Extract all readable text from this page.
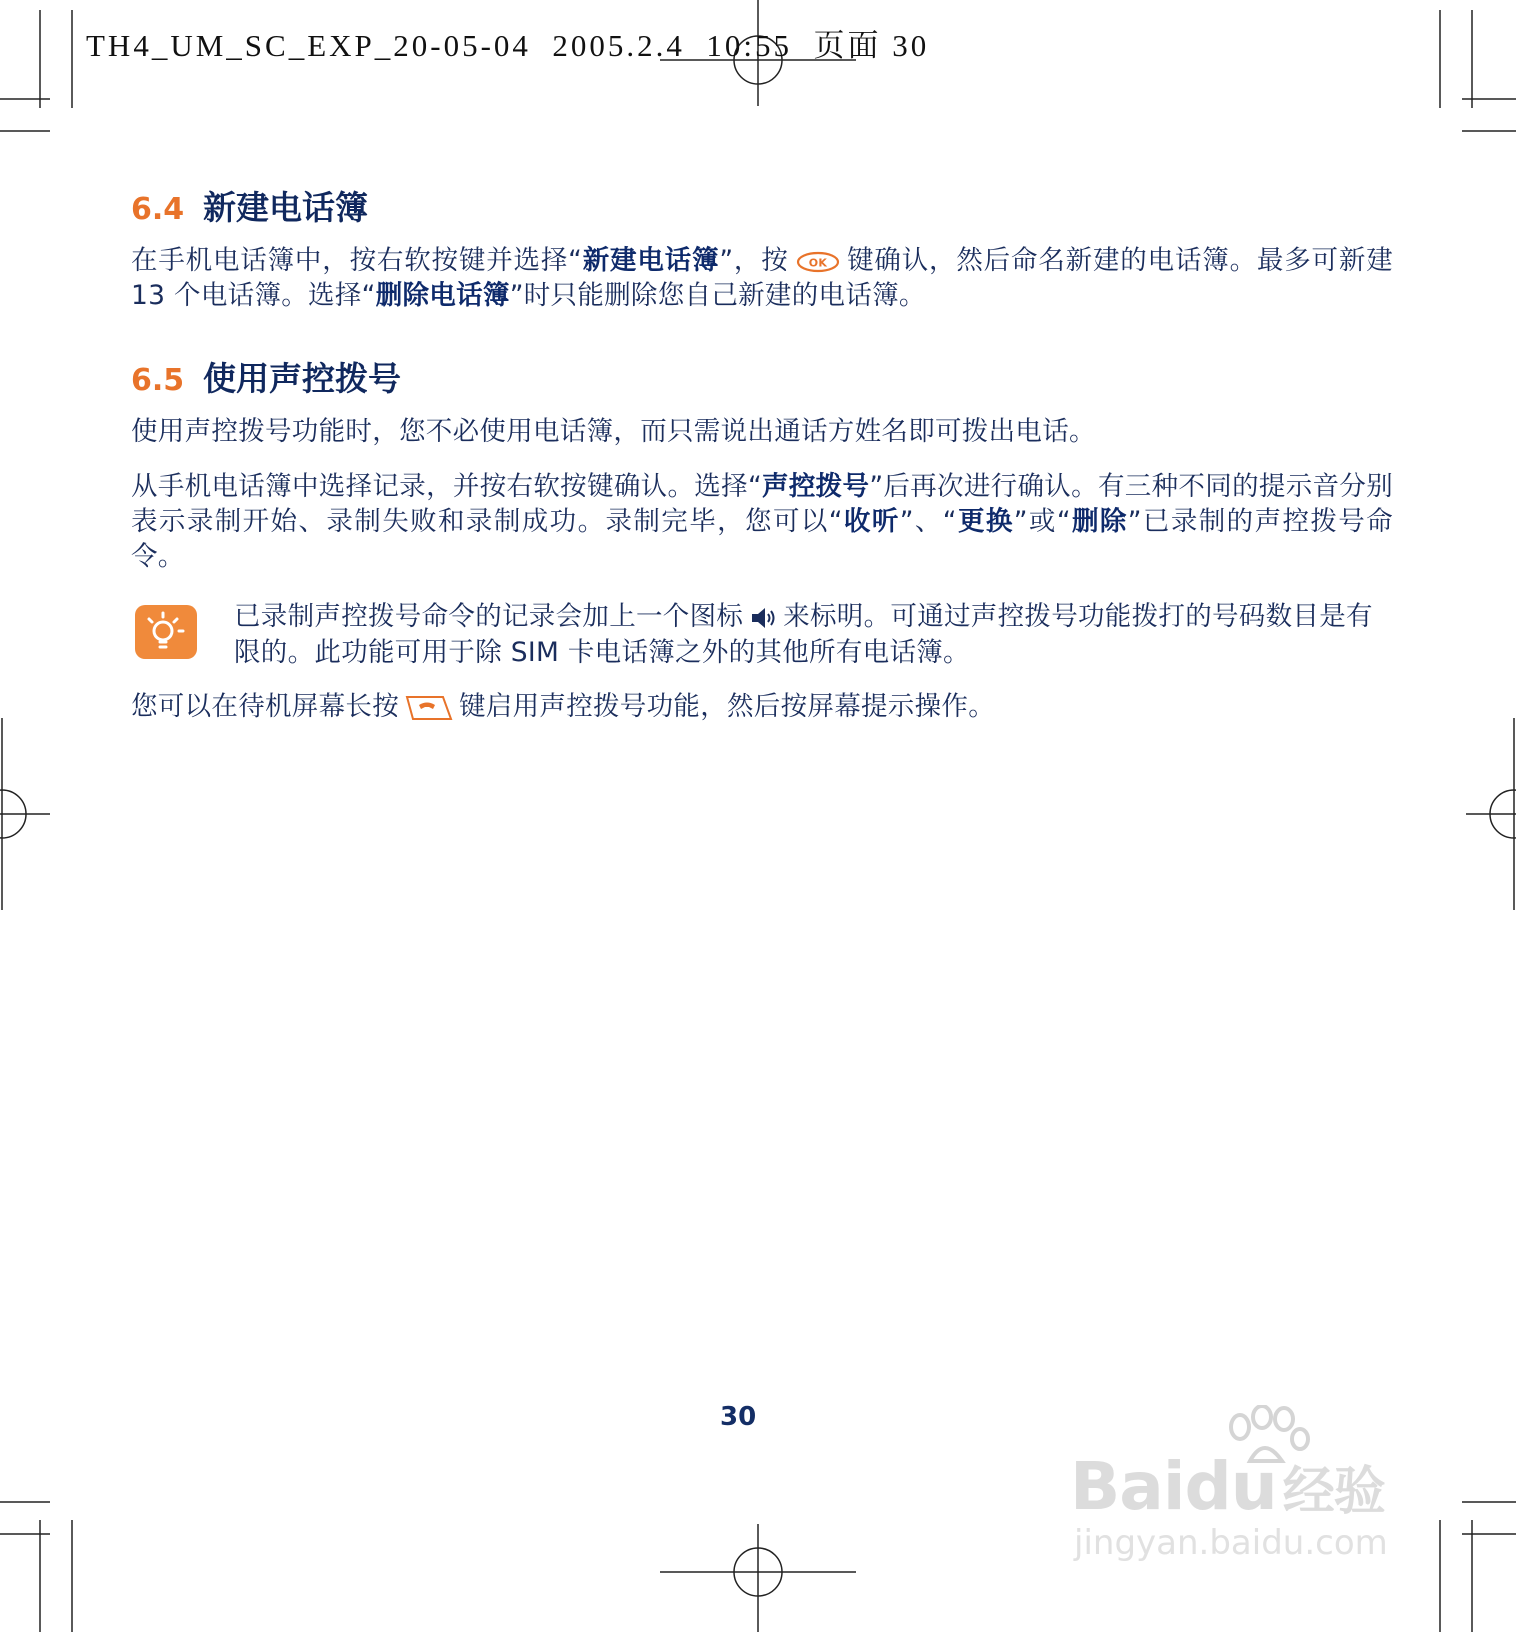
TH4_UM_SC_EXP_20-05-04 2005.2.4 10:55 页面 30

6.4 新建电话簿

在手机电话簿中，按右软按键并选择“新建电话簿”，按 OK 键确认，然后命名新建的电话簿。最多可新建 13 个电话簿。选择“删除电话簿”时只能删除您自己新建的电话簿。

6.5 使用声控拨号

使用声控拨号功能时，您不必使用电话簿，而只需说出通话方姓名即可拨出电话。

从手机电话簿中选择记录，并按右软按键确认。选择“声控拨号”后再次进行确认。有三种不同的提示音分别表示录制开始、录制失败和录制成功。录制完毕，您可以“收听”、“更换”或“删除”已录制的声控拨号命令。

已录制声控拨号命令的记录会加上一个图标 来标明。可通过声控拨号功能拨打的号码数目是有限的。此功能可用于除 SIM 卡电话簿之外的其他所有电话簿。

您可以在待机屏幕长按 键启用声控拨号功能，然后按屏幕提示操作。

30
Baidu 经验
jingyan.baidu.com
